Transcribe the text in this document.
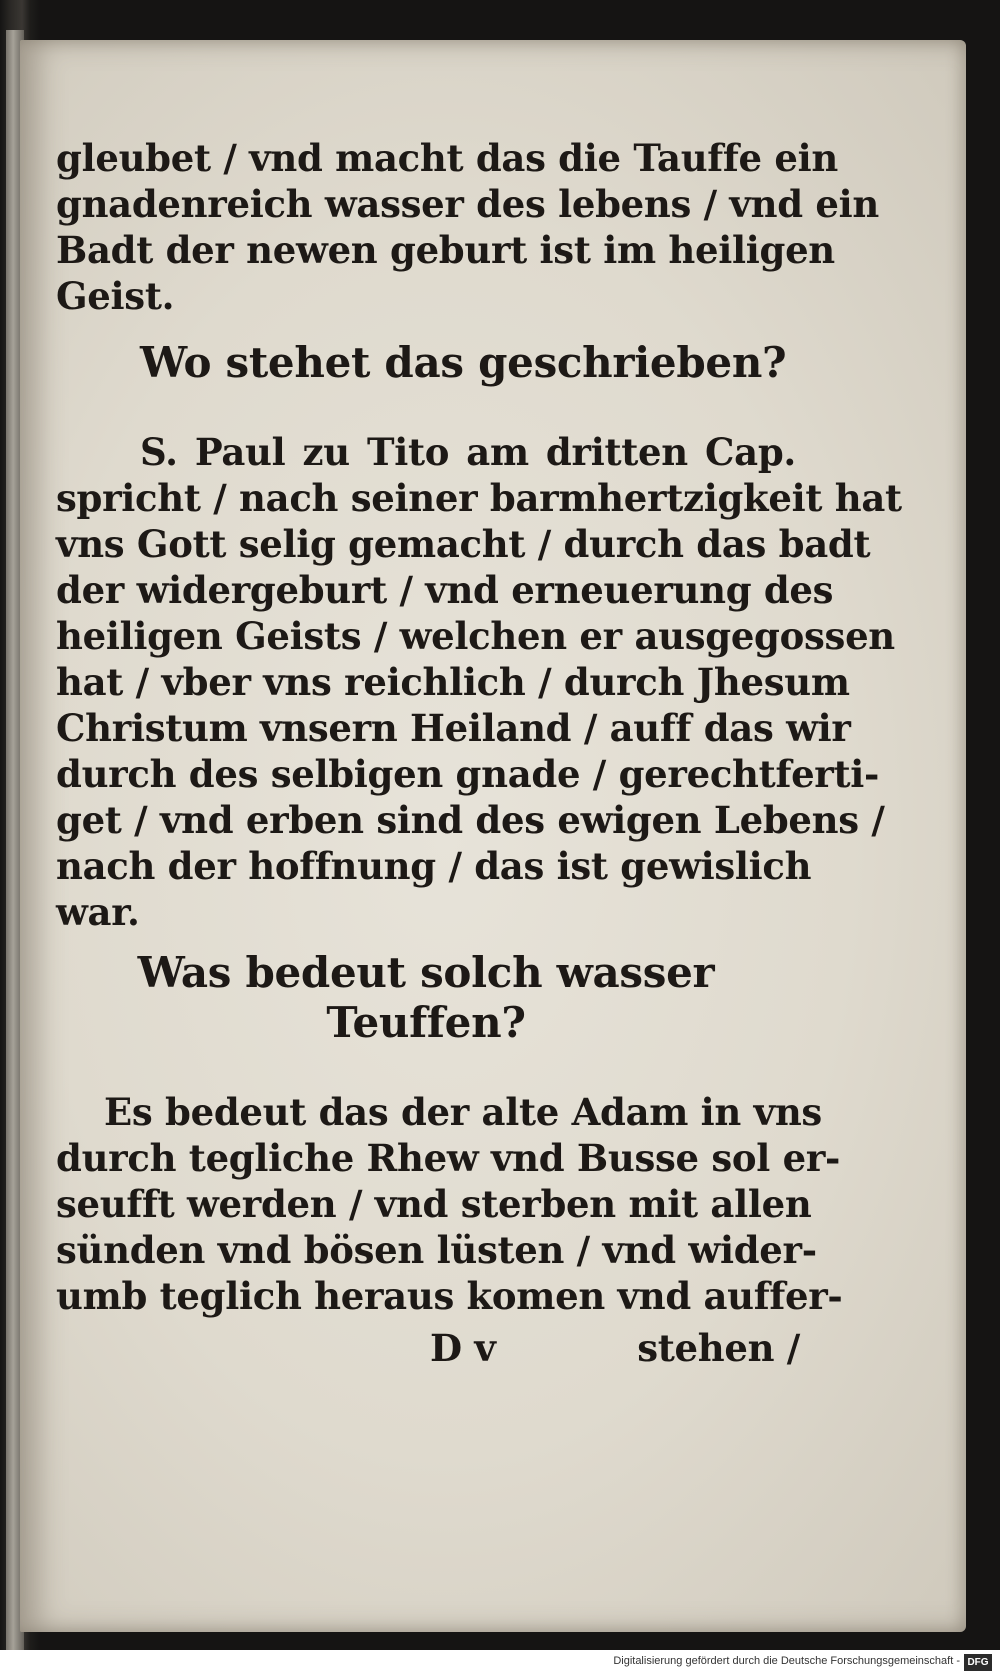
gleubet / vnd macht das die Tauffe ein

gnadenreich wasser des lebens / vnd ein

Badt der newen geburt ist im heiligen

Geist.

Wo stehet das geschrieben?

S. Paul zu Tito am dritten Cap.

spricht / nach seiner barmhertzigkeit hat

vns Gott selig gemacht / durch das badt

der widergeburt / vnd erneuerung des

heiligen Geists / welchen er ausgegossen

hat / vber vns reichlich / durch Jhesum

Christum vnsern Heiland / auff das wir

durch des selbigen gnade / gerechtferti-

get / vnd erben sind des ewigen Lebens /

nach der hoffnung / das ist gewislich

war.

Was bedeut solch wasser

Teuffen?

Es bedeut das der alte Adam in vns

durch tegliche Rhew vnd Busse sol er-

seufft werden / vnd sterben mit allen

sünden vnd bösen lüsten / vnd wider-

umb teglich heraus komen vnd auffer-

D v	stehen /

Digitalisierung gefördert durch die Deutsche Forschungsgemeinschaft - DFG
